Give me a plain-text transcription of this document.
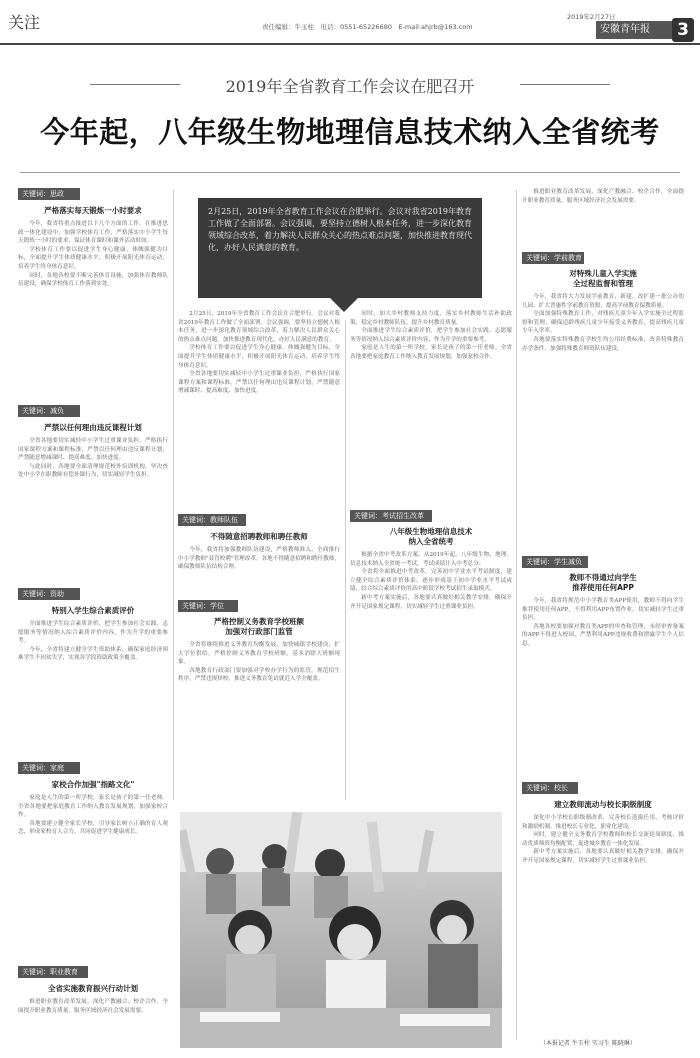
关注	责任编辑：牛玉柱　电话：0551-65226680　E-mail:ahjrb@163.com
2019年2月27日
安徽青年报	3
2019年全省教育工作会议在肥召开
今年起，八年级生物地理信息技术纳入全省统考
2月25日，2019年全省教育工作会议在合肥举行。会议对我省2019年教育工作做了全面部署。会议强调，要坚持立德树人根本任务，进一步深化教育领域综合改革，着力解决人民群众关心的热点难点问题，加快推进教育现代化，办好人民满意的教育。
关键词：思政
严格落实每天锻炼一小时要求

今年，我省将重点推进以下几个方面的工作。在推进思政一体化建设中，加强学校体育工作，严格落实中小学生每天锻炼一小时的要求，保证体育课时和课外活动时间。

学校体育工作要以促进学生身心健康、体魄强健为目标，全面提升学生体质健康水平，积极开展阳光体育运动，培养学生终身体育意识。

同时，各地各校要不断完善体育设施，加强体育教师队伍建设，确保学校体育工作落到实处。

关键词：减负
严禁以任何理由违反课程计划

全省各地要切实减轻中小学生过重课业负担，严格执行国家课程方案和课程标准，严禁以任何理由违反课程计划，严禁随意增减课时、提高难度、加快进度。

与此同时，各地要全面清理规范校外培训机构，坚决查处中小学在职教师有偿补课行为，切实减轻学生负担。

关键词：资助
特别入学生综合素质评价

全面推进学生综合素质评价，把学生参加社会实践、志愿服务等情况纳入综合素质评价内容，作为升学的重要参考。

今年，全省将建立健全学生资助体系，确保家庭经济困难学生不因贫失学，实现各学段资助政策全覆盖。

关键词：家庭
家校合作加强"指路文化"

家庭是人生的第一所学校，家长是孩子的第一任老师。全省各地要把家庭教育工作纳入教育发展规划，加强家校合作。

各地要建立健全家长学校，引导家长树立正确的育人观念，形成家校育人合力，共同促进学生健康成长。

关键词：职业教育
全省实施教育振兴行动计划

推进职业教育改革发展，深化产教融合、校企合作，全面提升职业教育质量，服务区域经济社会发展需要。

2月25日，2019年全省教育工作会议在合肥举行。会议对我省2019年教育工作做了全面部署。会议强调，要坚持立德树人根本任务，进一步深化教育领域综合改革，着力解决人民群众关心的热点难点问题，加快推进教育现代化，办好人民满意的教育。

学校体育工作要以促进学生身心健康、体魄强健为目标，全面提升学生体质健康水平，积极开展阳光体育运动，培养学生终身体育意识。

全省各地要切实减轻中小学生过重课业负担，严格执行国家课程方案和课程标准，严禁以任何理由违反课程计划，严禁随意增减课时、提高难度、加快进度。

关键词：教师队伍
不得随意招聘教师和聘任教师

今年，我省将加强教师队伍建设，严格教师准入，全面推行中小学教师"县管校聘"管理改革。各地不得随意招聘和聘任教师，确保教师队伍结构合理。

关键词：学位
严格控制义务教育学校班额
加强对行政部门监管

全省将继续推进义务教育均衡发展，加快城镇学校建设，扩大学位供给，严格控制义务教育学校班额，基本消除大班额现象。

各地教育行政部门要加强对学校办学行为的监管，规范招生秩序，严禁违规择校，推进义务教育免试就近入学全覆盖。

同时，加大乡村教师支持力度，落实乡村教师生活补助政策，稳定乡村教师队伍，提升乡村教育质量。

全面推进学生综合素质评价，把学生参加社会实践、志愿服务等情况纳入综合素质评价内容，作为升学的重要参考。

家庭是人生的第一所学校，家长是孩子的第一任老师。全省各地要把家庭教育工作纳入教育发展规划，加强家校合作。

关键词：考试招生改革
八年级生物地理信息技术
纳入全省统考

根据全省中考改革方案，从2019年起，八年级生物、地理、信息技术纳入全省统一考试，考试成绩计入中考总分。

全省将全面推进中考改革，完善初中学业水平考试制度，建立健全综合素质评价体系，逐步形成基于初中学业水平考试成绩、结合综合素质评价的高中阶段学校考试招生录取模式。

新中考方案实施后，各地要认真做好相关教学安排，确保开齐开足国家规定课程，切实减轻学生过重课业负担。

推进职业教育改革发展，深化产教融合、校企合作，全面提升职业教育质量，服务区域经济社会发展需要。

关键词：学前教育
对特殊儿童入学实施
全过程监督和管理

今年，我省将大力发展学前教育，新建、改扩建一批公办幼儿园，扩大普惠性学前教育资源，提高学前教育保教质量。

全面加强特殊教育工作，对残疾儿童少年入学实施全过程监督和管理，确保适龄残疾儿童少年接受义务教育，提高残疾儿童少年入学率。

各地要落实特殊教育学校生均公用经费标准，改善特殊教育办学条件，加强特殊教育师资队伍建设。

关键词：学生减负
教师不得通过向学生
推荐使用任何APP

今年，我省将规范中小学教育类APP使用，教师不得向学生推荐使用任何APP，不得利用APP布置作业，切实减轻学生过重负担。

各地各校要加强对教育类APP的审查和管理，未经审查备案的APP不得进入校园，严禁利用APP违规收费和泄露学生个人信息。

关键词：校长
建立教师流动与校长职级制度

深化中小学校长职级制改革，完善校长选拔任用、考核评价和激励机制，推进校长专业化、职业化建设。

同时，建立健全义务教育学校教师和校长交流轮岗制度，推动优质师资均衡配置，促进城乡教育一体化发展。

新中考方案实施后，各地要认真做好相关教学安排，确保开齐开足国家规定课程，切实减轻学生过重课业负担。

（本报记者 牛玉柱 实习生 陈晓琳）
